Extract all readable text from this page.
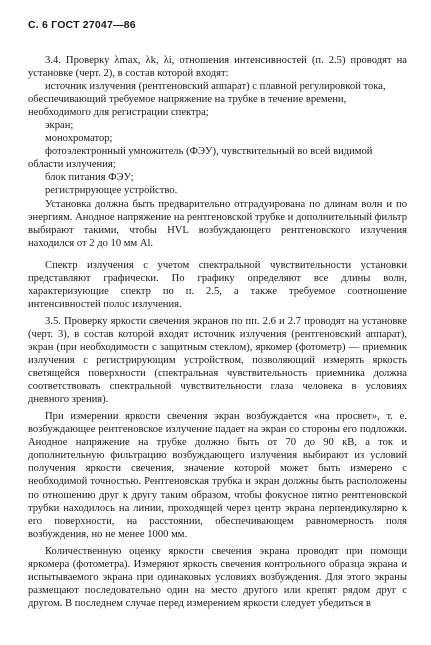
С. 6 ГОСТ 27047—86

3.4. Проверку λmax, λk, λi, отношения интенсивностей (п. 2.5) проводят на установке (черт. 2), в состав которой входят:

источник излучения (рентгеновский аппарат) с плавной регулировкой тока, обеспечивающий требуемое напряжение на трубке в течение времени, необходимого для регистрации спектра;

экран;

монохроматор;

фотоэлектронный умножитель (ФЭУ), чувствительный во всей видимой области излучения;

блок питания ФЭУ;

регистрирующее устройство.

Установка должна быть предварительно отградуирована по длинам волн и по энергиям. Анодное напряжение на рентгеновской трубке и дополнительный фильтр выбирают такими, чтобы HVL возбуждающего рентгеновского излучения находился от 2 до 10 мм Al.

Спектр излучения с учетом спектральной чувствительности установки представляют графически. По графику определяют все длины волн, характеризующие спектр по п. 2.5, а также требуемое соотношение интенсивностей полос излучения.

3.5. Проверку яркости свечения экранов по пп. 2.6 и 2.7 проводят на установке (черт. 3), в состав которой входят источник излучения (рентгеновский аппарат), экран (при необходимости с защитным стеклом), яркомер (фотометр) — приемник излучения с регистрирующим устройством, позволяющий измерять яркость светящейся поверхности (спектральная чувствительность приемника должна соответствовать спектральной чувствительности глаза человека в условиях дневного зрения).

При измерении яркости свечения экран возбуждается «на просвет», т. е. возбуждающее рентгеновское излучение падает на экран со стороны его подложки. Анодное напряжение на трубке должно быть от 70 до 90 кВ, а ток и дополнительную фильтрацию возбуждающего излучения выбирают из условий получения яркости свечения, значение которой может быть измерено с необходимой точностью. Рентгеновская трубка и экран должны быть расположены по отношению друг к другу таким образом, чтобы фокусное пятно рентгеновской трубки находилось на линии, проходящей через центр экрана перпендикулярно к его поверхности, на расстоянии, обеспечивающем равномерность поля возбуждения, но не менее 1000 мм.

Количественную оценку яркости свечения экрана проводят при помощи яркомера (фотометра). Измеряют яркость свечения контрольного образца экрана и испытываемого экрана при одинаковых условиях возбуждения. Для этого экраны размещают последовательно один на место другого или крепят рядом друг с другом. В последнем случае перед измерением яркости следует убедиться в
